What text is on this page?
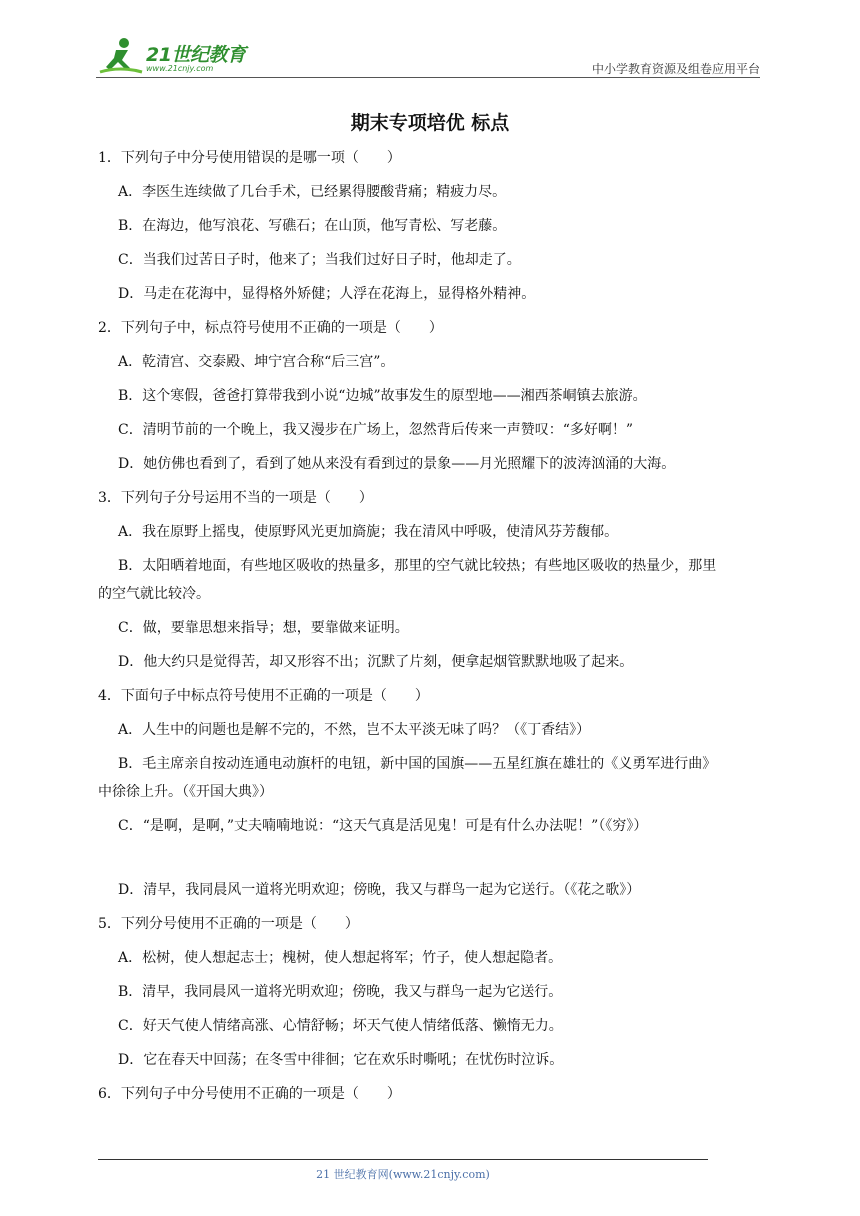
21世纪教育
www.21cnjy.com	中小学教育资源及组卷应用平台
期末专项培优 标点

1．下列句子中分号使用错误的是哪一项（　　）

A．李医生连续做了几台手术，已经累得腰酸背痛；精疲力尽。

B．在海边，他写浪花、写礁石；在山顶，他写青松、写老藤。

C．当我们过苦日子时，他来了；当我们过好日子时，他却走了。

D．马走在花海中，显得格外矫健；人浮在花海上，显得格外精神。

2．下列句子中，标点符号使用不正确的一项是（　　）

A．乾清宫、交泰殿、坤宁宫合称“后三宫”。

B．这个寒假，爸爸打算带我到小说“边城”故事发生的原型地——湘西茶峒镇去旅游。

C．清明节前的一个晚上，我又漫步在广场上，忽然背后传来一声赞叹：“多好啊！”

D．她仿佛也看到了，看到了她从来没有看到过的景象——月光照耀下的波涛汹涌的大海。

3．下列句子分号运用不当的一项是（　　）

A．我在原野上摇曳，使原野风光更加旖旎；我在清风中呼吸，使清风芬芳馥郁。

B．太阳晒着地面，有些地区吸收的热量多，那里的空气就比较热；有些地区吸收的热量少，那里

的空气就比较冷。

C．做，要靠思想来指导；想，要靠做来证明。

D．他大约只是觉得苦，却又形容不出；沉默了片刻，便拿起烟管默默地吸了起来。

4．下面句子中标点符号使用不正确的一项是（　　）

A．人生中的问题也是解不完的，不然，岂不太平淡无味了吗？（《丁香结》）

B．毛主席亲自按动连通电动旗杆的电钮，新中国的国旗——五星红旗在雄壮的《义勇军进行曲》

中徐徐上升。（《开国大典》）

C．“是啊，是啊，”丈夫喃喃地说：“这天气真是活见鬼！可是有什么办法呢！”（《穷》）

D．清早，我同晨风一道将光明欢迎；傍晚，我又与群鸟一起为它送行。（《花之歌》）

5．下列分号使用不正确的一项是（　　）

A．松树，使人想起志士；槐树，使人想起将军；竹子，使人想起隐者。

B．清早，我同晨风一道将光明欢迎；傍晚，我又与群鸟一起为它送行。

C．好天气使人情绪高涨、心情舒畅；坏天气使人情绪低落、懒惰无力。

D．它在春天中回荡；在冬雪中徘徊；它在欢乐时嘶吼；在忧伤时泣诉。

6．下列句子中分号使用不正确的一项是（　　）

21 世纪教育网(www.21cnjy.com)
